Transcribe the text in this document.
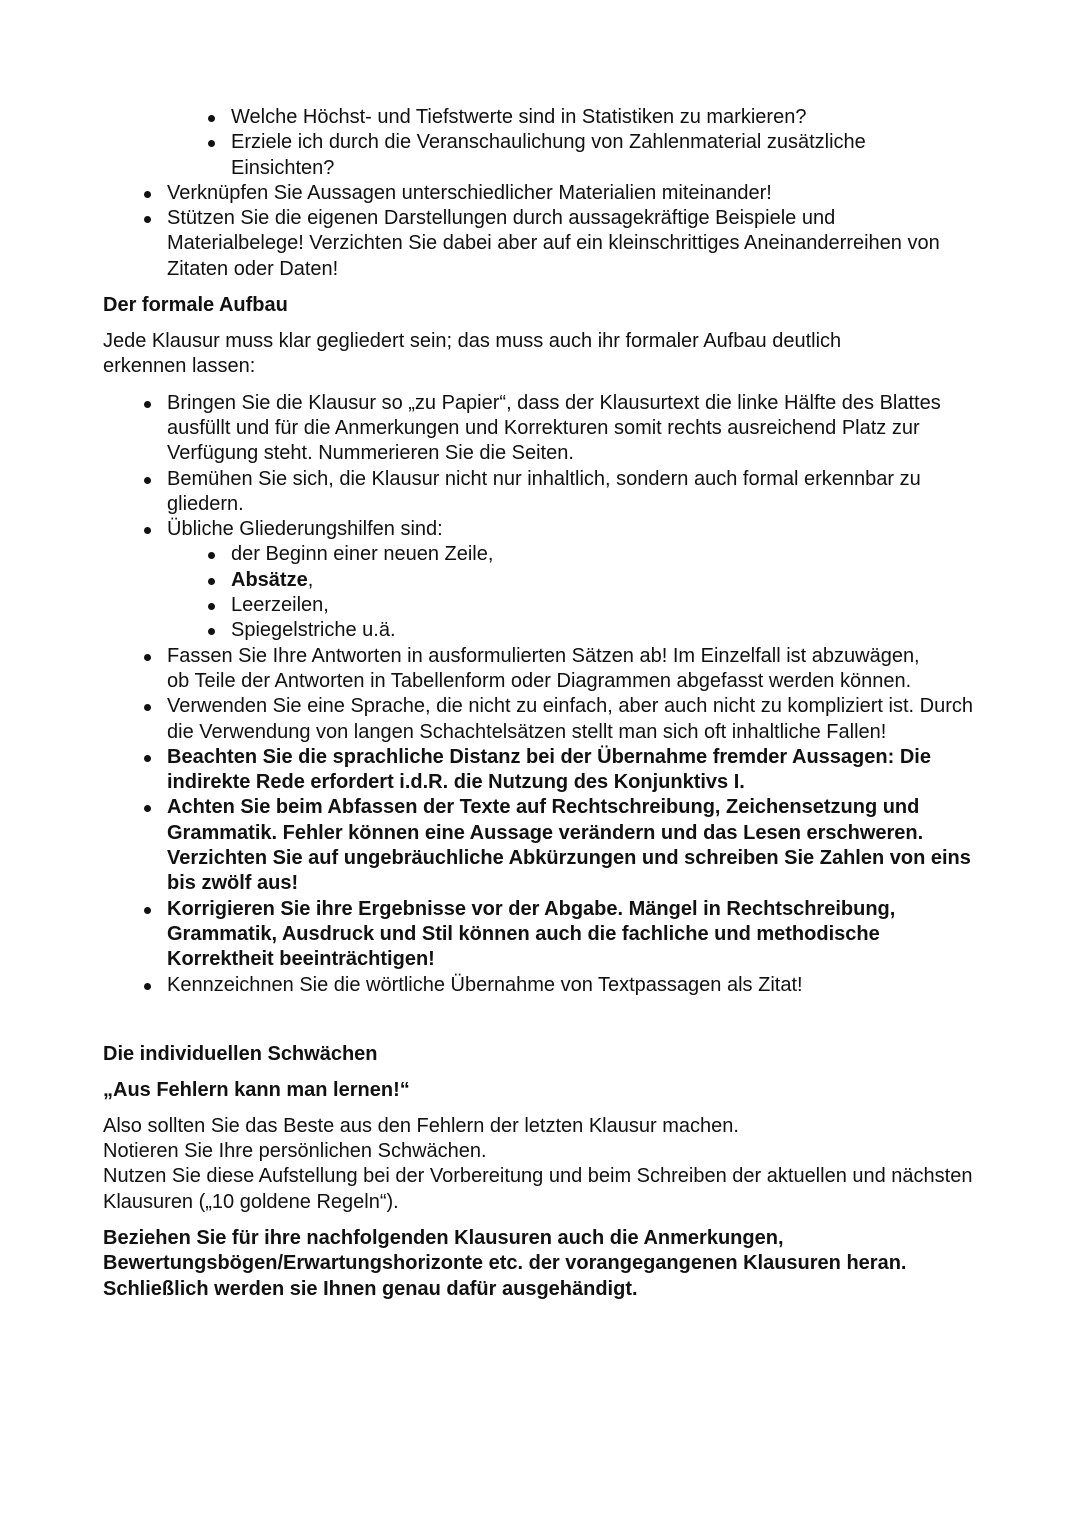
Welche Höchst- und Tiefstwerte sind in Statistiken zu markieren?
Erziele ich durch die Veranschaulichung von Zahlenmaterial zusätzliche Einsichten?
Verknüpfen Sie Aussagen unterschiedlicher Materialien miteinander!
Stützen Sie die eigenen Darstellungen durch aussagekräftige Beispiele und Materialbelege! Verzichten Sie dabei aber auf ein kleinschrittiges Aneinanderreihen von Zitaten oder Daten!
Der formale Aufbau

Jede Klausur muss klar gegliedert sein; das muss auch ihr formaler Aufbau deutlich erkennen lassen:

Bringen Sie die Klausur so „zu Papier“, dass der Klausurtext die linke Hälfte des Blattes ausfüllt und für die Anmerkungen und Korrekturen somit rechts ausreichend Platz zur Verfügung steht. Nummerieren Sie die Seiten.
Bemühen Sie sich, die Klausur nicht nur inhaltlich, sondern auch formal erkennbar zu gliedern.
Übliche Gliederungshilfen sind:
der Beginn einer neuen Zeile,
Absätze,
Leerzeilen,
Spiegelstriche u.ä.
Fassen Sie Ihre Antworten in ausformulierten Sätzen ab! Im Einzelfall ist abzuwägen, ob Teile der Antworten in Tabellenform oder Diagrammen abgefasst werden können.
Verwenden Sie eine Sprache, die nicht zu einfach, aber auch nicht zu kompliziert ist. Durch die Verwendung von langen Schachtelsätzen stellt man sich oft inhaltliche Fallen!
Beachten Sie die sprachliche Distanz bei der Übernahme fremder Aussagen: Die indirekte Rede erfordert i.d.R. die Nutzung des Konjunktivs I.
Achten Sie beim Abfassen der Texte auf Rechtschreibung, Zeichensetzung und Grammatik. Fehler können eine Aussage verändern und das Lesen erschweren. Verzichten Sie auf ungebräuchliche Abkürzungen und schreiben Sie Zahlen von eins bis zwölf aus!
Korrigieren Sie ihre Ergebnisse vor der Abgabe. Mängel in Rechtschreibung, Grammatik, Ausdruck und Stil können auch die fachliche und methodische Korrektheit beeinträchtigen!
Kennzeichnen Sie die wörtliche Übernahme von Textpassagen als Zitat!
Die individuellen Schwächen
„Aus Fehlern kann man lernen!“

Also sollten Sie das Beste aus den Fehlern der letzten Klausur machen.

Notieren Sie Ihre persönlichen Schwächen.

Nutzen Sie diese Aufstellung bei der Vorbereitung und beim Schreiben der aktuellen und nächsten Klausuren („10 goldene Regeln“).

Beziehen Sie für ihre nachfolgenden Klausuren auch die Anmerkungen, Bewertungsbögen/Erwartungshorizonte etc. der vorangegangenen Klausuren heran. Schließlich werden sie Ihnen genau dafür ausgehändigt.
